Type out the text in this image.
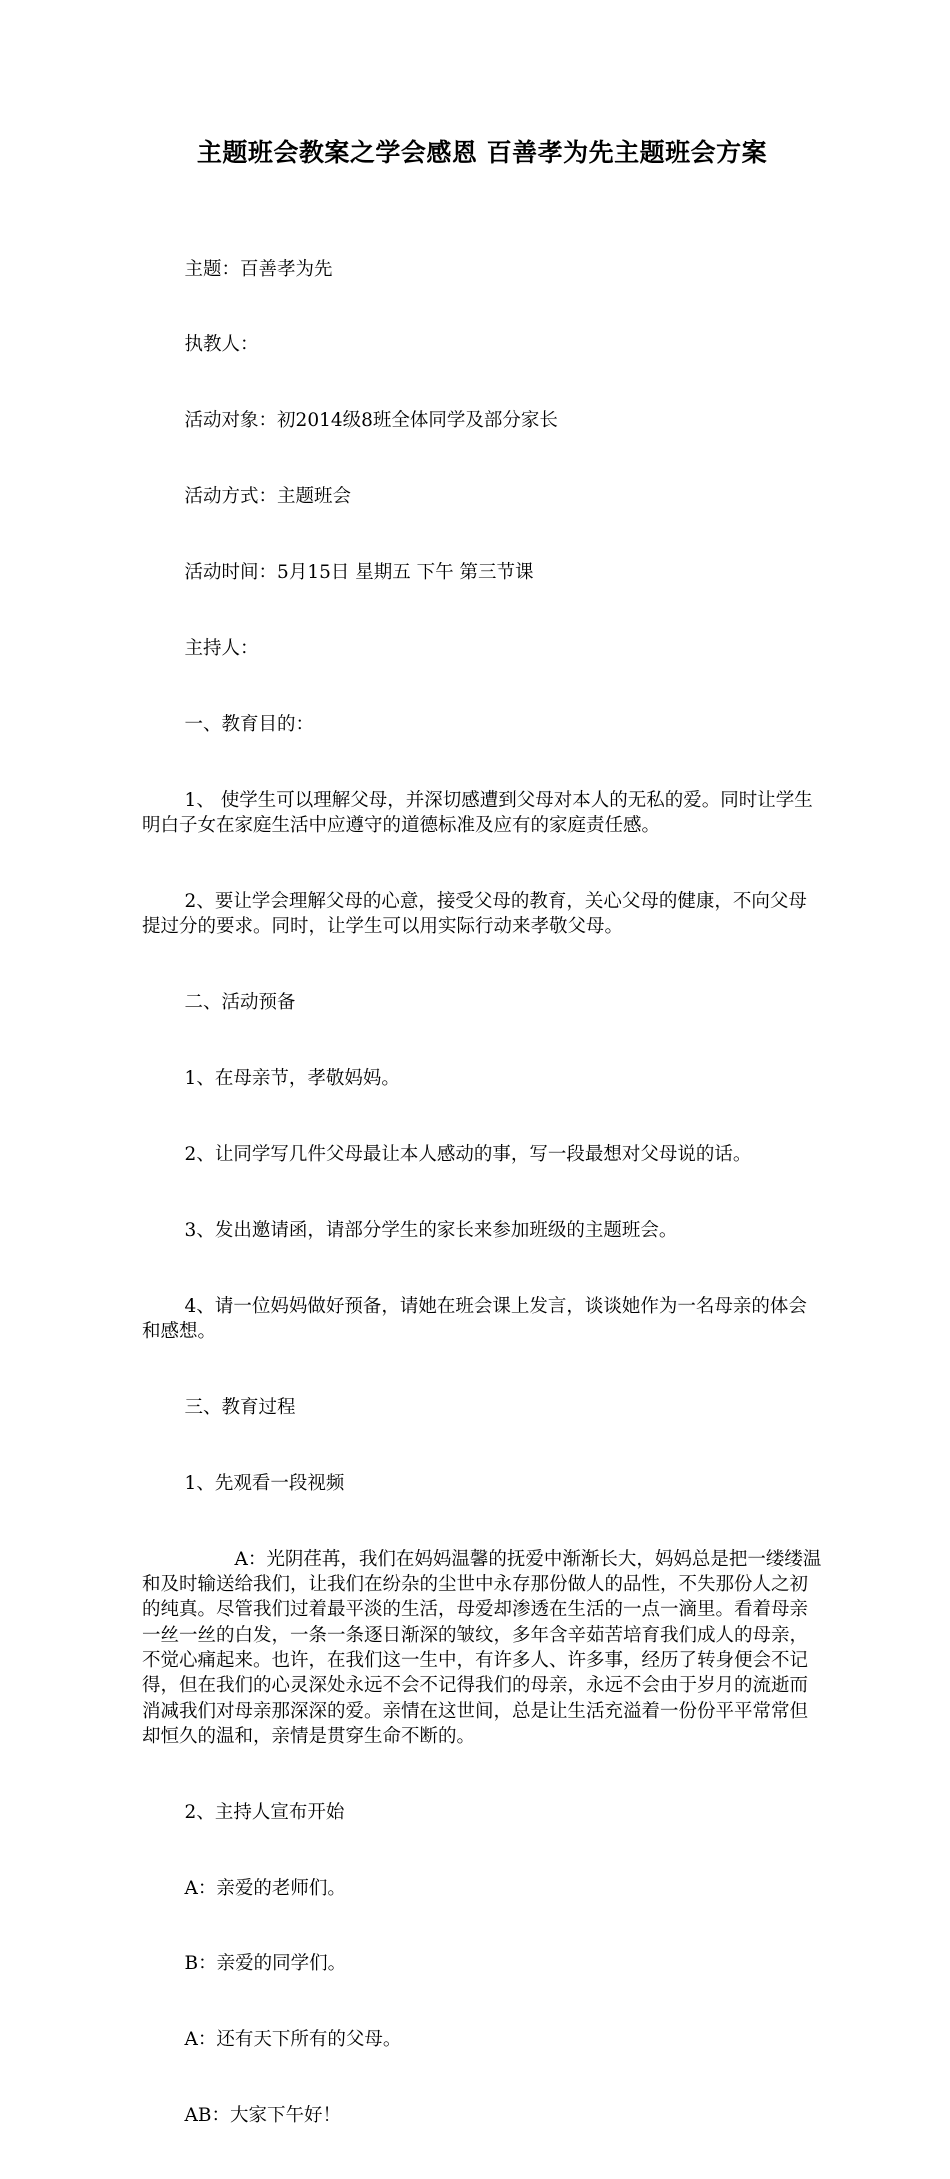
主题班会教案之学会感恩 百善孝为先主题班会方案

主题：百善孝为先

执教人：

活动对象：初2014级8班全体同学及部分家长

活动方式：主题班会

活动时间：5月15日 星期五 下午 第三节课

主持人：

一、教育目的：

1、 使学生可以理解父母，并深切感遭到父母对本人的无私的爱。同时让学生明白子女在家庭生活中应遵守的道德标准及应有的家庭责任感。

2、要让学会理解父母的心意，接受父母的教育，关心父母的健康，不向父母提过分的要求。同时，让学生可以用实际行动来孝敬父母。

二、活动预备

1、在母亲节，孝敬妈妈。

2、让同学写几件父母最让本人感动的事，写一段最想对父母说的话。

3、发出邀请函，请部分学生的家长来参加班级的主题班会。

4、请一位妈妈做好预备，请她在班会课上发言，谈谈她作为一名母亲的体会和感想。

三、教育过程

1、先观看一段视频

A：光阴荏苒，我们在妈妈温馨的抚爱中渐渐长大，妈妈总是把一缕缕温和及时输送给我们，让我们在纷杂的尘世中永存那份做人的品性，不失那份人之初的纯真。尽管我们过着最平淡的生活，母爱却渗透在生活的一点一滴里。看着母亲一丝一丝的白发，一条一条逐日渐深的皱纹，多年含辛茹苦培育我们成人的母亲，不觉心痛起来。也许，在我们这一生中，有许多人、许多事，经历了转身便会不记得，但在我们的心灵深处永远不会不记得我们的母亲，永远不会由于岁月的流逝而消减我们对母亲那深深的爱。亲情在这世间，总是让生活充溢着一份份平平常常但却恒久的温和，亲情是贯穿生命不断的。

2、主持人宣布开始

A：亲爱的老师们。

B：亲爱的同学们。

A：还有天下所有的父母。

AB：大家下午好！
